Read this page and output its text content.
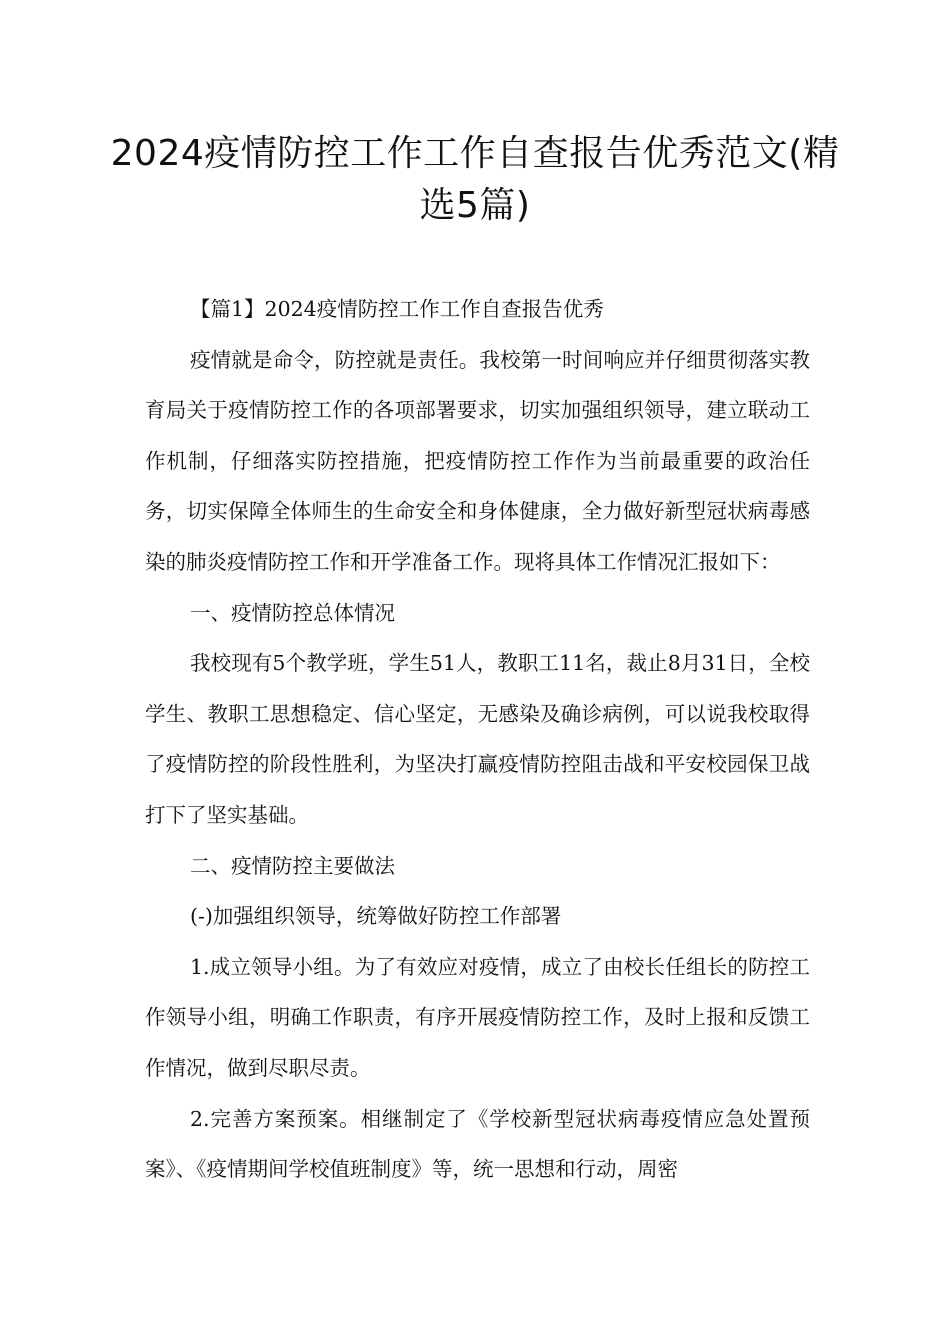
2024疫情防控工作工作自查报告优秀范文(精选5篇)

【篇1】2024疫情防控工作工作自查报告优秀

疫情就是命令，防控就是责任。我校第一时间响应并仔细贯彻落实教育局关于疫情防控工作的各项部署要求，切实加强组织领导，建立联动工作机制，仔细落实防控措施，把疫情防控工作作为当前最重要的政治任务，切实保障全体师生的生命安全和身体健康，全力做好新型冠状病毒感染的肺炎疫情防控工作和开学准备工作。现将具体工作情况汇报如下：

一、疫情防控总体情况

我校现有5个教学班，学生51人，教职工11名，裁止8月31日，全校学生、教职工思想稳定、信心坚定，无感染及确诊病例，可以说我校取得了疫情防控的阶段性胜利，为坚决打赢疫情防控阻击战和平安校园保卫战打下了坚实基础。

二、疫情防控主要做法

(-)加强组织领导，统筹做好防控工作部署

1.成立领导小组。为了有效应对疫情，成立了由校长任组长的防控工作领导小组，明确工作职责，有序开展疫情防控工作，及时上报和反馈工作情况，做到尽职尽责。

2.完善方案预案。相继制定了《学校新型冠状病毒疫情应急处置预案》、《疫情期间学校值班制度》等，统一思想和行动，周密
